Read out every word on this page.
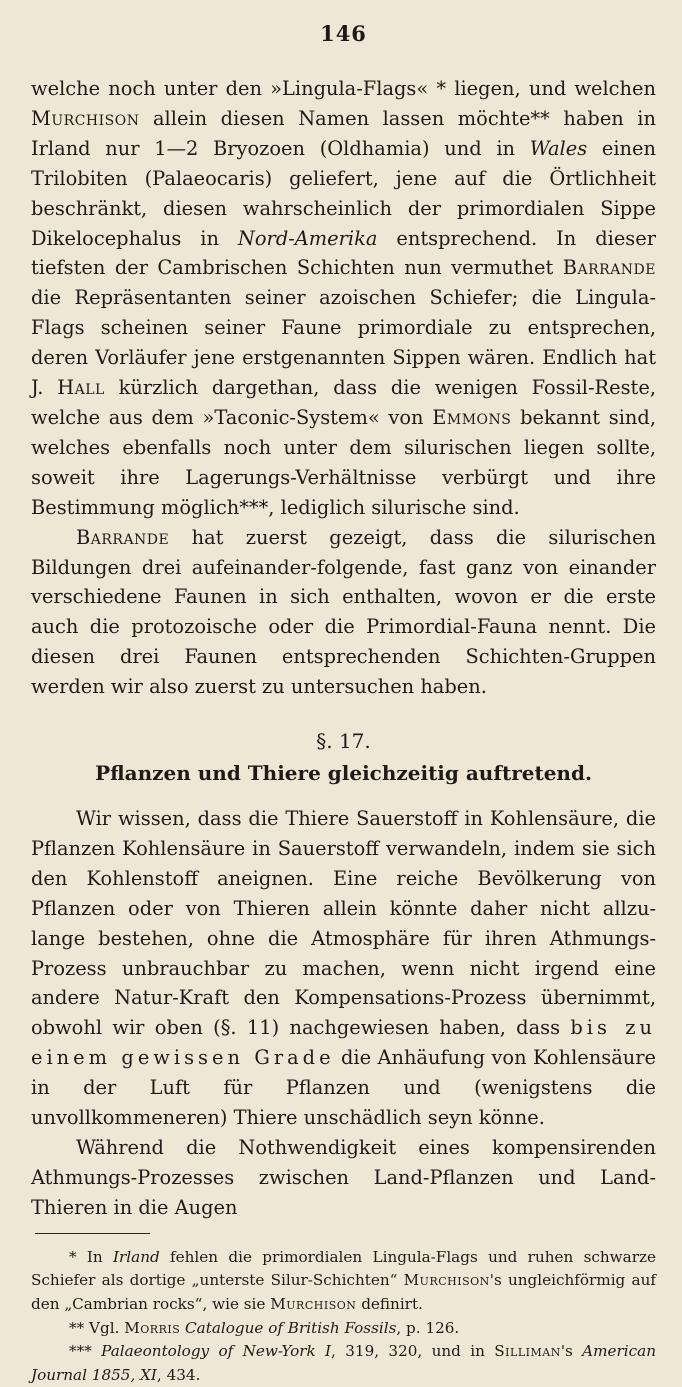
146

welche noch unter den »Lingula-Flags« * liegen, und welchen Murchison allein diesen Namen lassen möchte** haben in Irland nur 1—2 Bryozoen (Oldhamia) und in Wales einen Trilobiten (Palaeocaris) geliefert, jene auf die Örtlichheit beschränkt, diesen wahrscheinlich der primordialen Sippe Dikelocephalus in Nord-Amerika entsprechend. In dieser tiefsten der Cambrischen Schichten nun vermuthet Barrande die Repräsentanten seiner azoischen Schiefer; die Lingula-Flags scheinen seiner Faune primordiale zu entsprechen, deren Vorläufer jene erstgenannten Sippen wären. Endlich hat J. Hall kürzlich dargethan, dass die wenigen Fossil-Reste, welche aus dem »Taconic-System« von Emmons bekannt sind, welches ebenfalls noch unter dem silurischen liegen sollte, soweit ihre Lagerungs-Verhältnisse verbürgt und ihre Bestimmung möglich***, lediglich silurische sind.

Barrande hat zuerst gezeigt, dass die silurischen Bildungen drei aufeinander-folgende, fast ganz von einander verschiedene Faunen in sich enthalten, wovon er die erste auch die protozoische oder die Primordial-Fauna nennt. Die diesen drei Faunen entsprechenden Schichten-Gruppen werden wir also zuerst zu untersuchen haben.

§. 17.
Pflanzen und Thiere gleichzeitig auftretend.

Wir wissen, dass die Thiere Sauerstoff in Kohlensäure, die Pflanzen Kohlensäure in Sauerstoff verwandeln, indem sie sich den Kohlenstoff aneignen. Eine reiche Bevölkerung von Pflanzen oder von Thieren allein könnte daher nicht allzu-lange bestehen, ohne die Atmosphäre für ihren Athmungs-Prozess unbrauchbar zu machen, wenn nicht irgend eine andere Natur-Kraft den Kompensations-Prozess übernimmt, obwohl wir oben (§. 11) nachgewiesen haben, dass bis zu einem gewissen Grade die Anhäufung von Kohlensäure in der Luft für Pflanzen und (wenigstens die unvollkommeneren) Thiere unschädlich seyn könne.

Während die Nothwendigkeit eines kompensirenden Athmungs-Prozesses zwischen Land-Pflanzen und Land-Thieren in die Augen

* In Irland fehlen die primordialen Lingula-Flags und ruhen schwarze Schiefer als dortige „unterste Silur-Schichten“ Murchison's ungleichförmig auf den „Cambrian rocks“, wie sie Murchison definirt.

** Vgl. Morris Catalogue of British Fossils, p. 126.

*** Palaeontology of New-York I, 319, 320, und in Silliman's American Journal 1855, XI, 434.
